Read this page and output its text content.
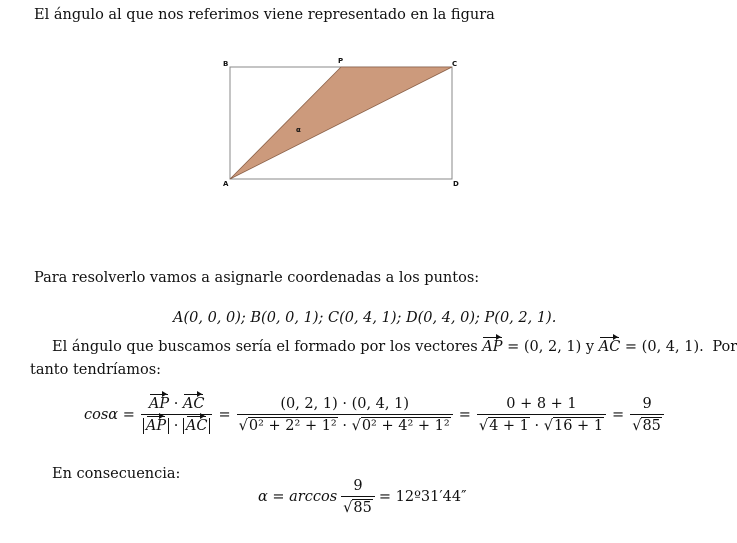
El ángulo al que nos referimos viene representado en la figura
B	P	C
A	D
α
Para resolverlo vamos a asignarle coordenadas a los puntos:
A(0, 0, 0); B(0, 0, 1); C(0, 4, 1); D(0, 4, 0); P(0, 2, 1).
El ángulo que buscamos sería el formado por los vectores AP = (0, 2, 1) y AC = (0, 4, 1). Por
tanto tendríamos:
$\cos\alpha = \frac{AP \cdot AC}{AP \cdot AC} = \frac{(0, 2, 1) \cdot (0, 4, 1)}{\text{√0² + 2² + 1² · √0² + 4² + 1²}} = \frac{0 + 8 + 1}{√4 + 1 \cdot √16 + 1} = \frac{9}{√85}$
En consecuencia:
$\alpha = \arccos \frac{9}{√85}$ = 12º31′44″
